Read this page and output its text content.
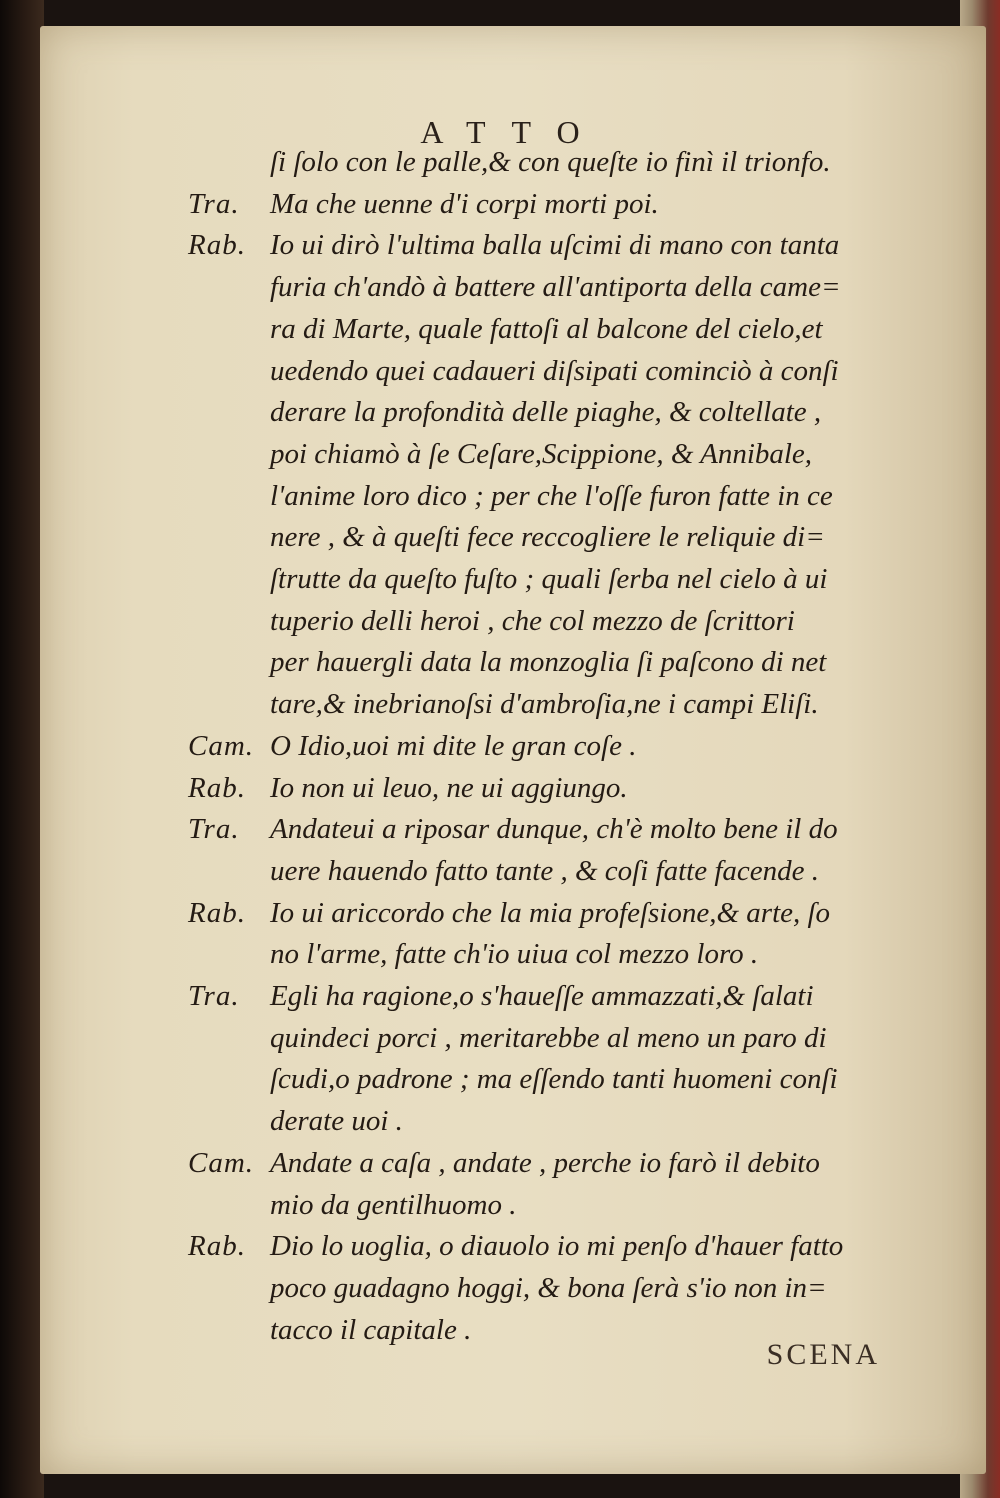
ATTO
ſi ſolo con le palle,& con queſte io finì il trionfo.
Tra. Ma che uenne d'i corpi morti poi.
Rab. Io ui dirò l'ultima balla uſcimi di mano con tanta
furia ch'andò à battere all'antiporta della came=
ra di Marte, quale fattoſi al balcone del cielo,et
uedendo quei cadaueri diſsipati cominciò à conſi
derare la profondità delle piaghe, & coltellate ,
poi chiamò à ſe Ceſare,Scippione, & Annibale,
l'anime loro dico ; per che l'oſſe furon fatte in ce
nere , & à queſti fece reccogliere le reliquie di=
ſtrutte da queſto fuſto ; quali ſerba nel cielo à ui
tuperio delli heroi , che col mezzo de ſcrittori
per hauergli data la monzoglia ſi paſcono di net
tare,& inebrianoſsi d'ambroſia,ne i campi Eliſi.
Cam. O Idio,uoi mi dite le gran coſe .
Rab. Io non ui leuo, ne ui aggiungo.
Tra. Andateui a riposar dunque, ch'è molto bene il do
uere hauendo fatto tante , & coſi fatte facende .
Rab. Io ui ariccordo che la mia profeſsione,& arte, ſo
no l'arme, fatte ch'io uiua col mezzo loro .
Tra. Egli ha ragione,o s'haueſſe ammazzati,& ſalati
quindeci porci , meritarebbe al meno un paro di
ſcudi,o padrone ; ma eſſendo tanti huomeni conſi
derate uoi .
Cam. Andate a caſa , andate , perche io farò il debito
mio da gentilhuomo .
Rab. Dio lo uoglia, o diauolo io mi penſo d'hauer fatto
poco guadagno hoggi, & bona ſerà s'io non in=
tacco il capitale .
SCENA
